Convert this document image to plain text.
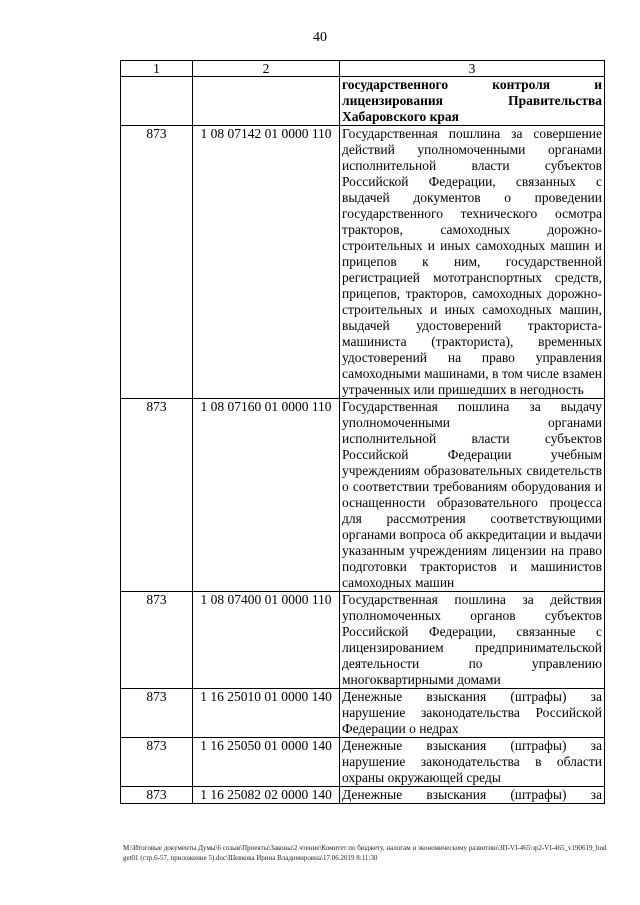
40
1	2	3
		государственного контроля и лицензирования Правительства Хабаровского края
873	1 08 07142 01 0000 110	Государственная пошлина за совершение действий уполномоченными органами исполнительной власти субъектов Российской Федерации, связанных с выдачей документов о проведении государственного технического осмотра тракторов, самоходных дорожно-строительных и иных самоходных машин и прицепов к ним, государственной регистрацией мототранспортных средств, прицепов, тракторов, самоходных дорожно-строительных и иных самоходных машин, выдачей удостоверений тракториста-машиниста (тракториста), временных удостоверений на право управления самоходными машинами, в том числе взамен утраченных или пришедших в негодность
873	1 08 07160 01 0000 110	Государственная пошлина за выдачу уполномоченными органами исполнительной власти субъектов Российской Федерации учебным учреждениям образовательных свидетельств о соответствии требованиям оборудования и оснащенности образовательного процесса для рассмотрения соответствующими органами вопроса об аккредитации и выдачи указанным учреждениям лицензии на право подготовки трактористов и машинистов самоходных машин
873	1 08 07400 01 0000 110	Государственная пошлина за действия уполномоченных органов субъектов Российской Федерации, связанные с лицензированием предпринимательской деятельности по управлению многоквартирными домами
873	1 16 25010 01 0000 140	Денежные взыскания (штрафы) за нарушение законодательства Российской Федерации о недрах
873	1 16 25050 01 0000 140	Денежные взыскания (штрафы) за нарушение законодательства в области охраны окружающей среды
873	1 16 25082 02 0000 140	Денежные взыскания (штрафы) за
M:\Итоговые документы Думы\6 созыв\Проекты\Законы\2 чтение\Комитет по бюджету, налогам и экономическому развитию\ЗП-VI-465\зр2-VI-465_v190619_budget01 (стр.6-57, приложение 5).doc\Шевкова Ирина Владимировна\17.06.2019 8:11:30
